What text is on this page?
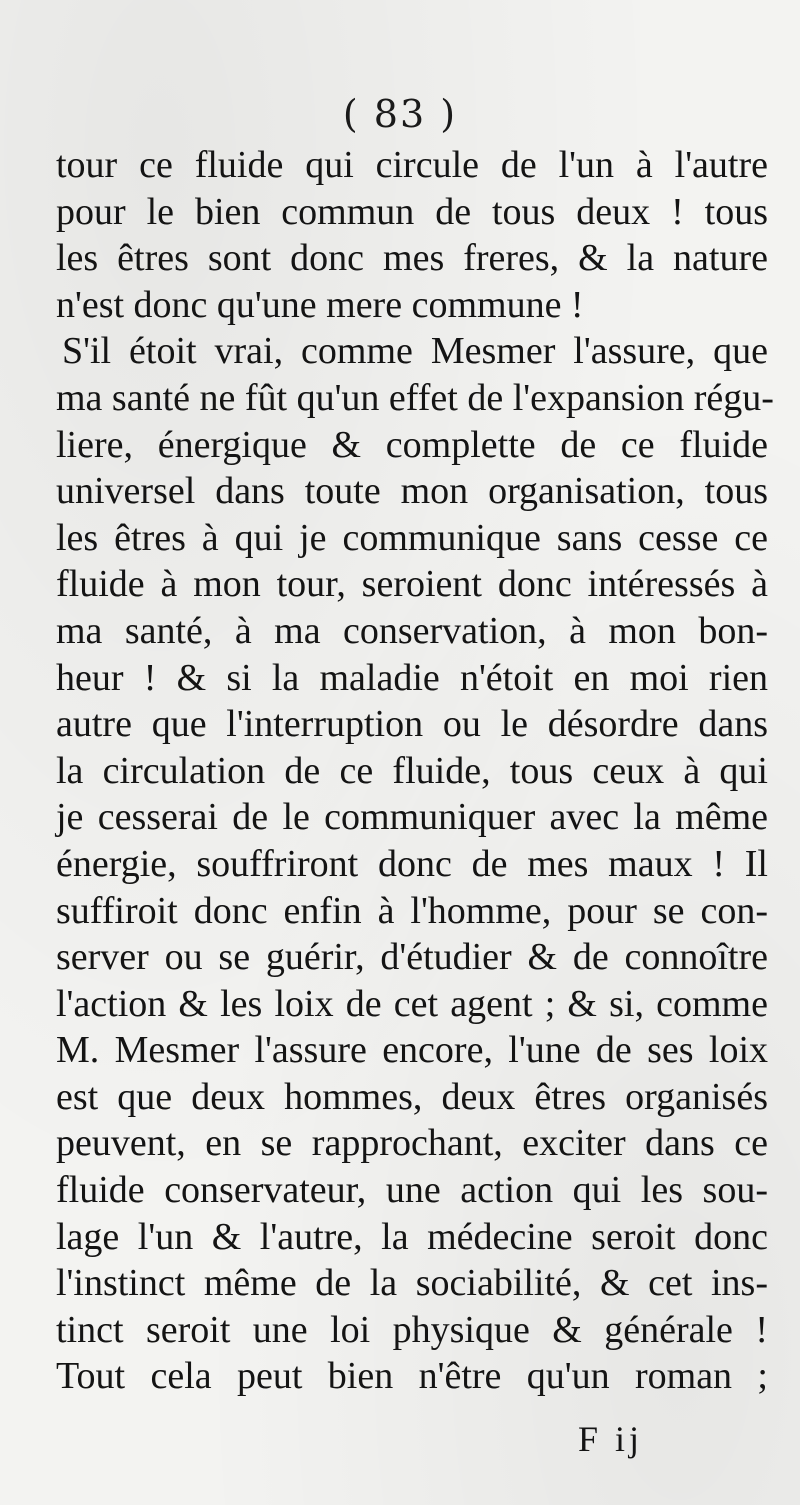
( 83 )
tour ce fluide qui circule de l'un à l'autre
pour le bien commun de tous deux ! tous
les êtres sont donc mes freres, & la nature
n'est donc qu'une mere commune !
S'il étoit vrai, comme Mesmer l'assure, que
ma santé ne fût qu'un effet de l'expansion régu-
liere, énergique & complette de ce fluide
universel dans toute mon organisation, tous
les êtres à qui je communique sans cesse ce
fluide à mon tour, seroient donc intéressés à
ma santé, à ma conservation, à mon bon-
heur ! & si la maladie n'étoit en moi rien
autre que l'interruption ou le désordre dans
la circulation de ce fluide, tous ceux à qui
je cesserai de le communiquer avec la même
énergie, souffriront donc de mes maux ! Il
suffiroit donc enfin à l'homme, pour se con-
server ou se guérir, d'étudier & de connoître
l'action & les loix de cet agent ; & si, comme
M. Mesmer l'assure encore, l'une de ses loix
est que deux hommes, deux êtres organisés
peuvent, en se rapprochant, exciter dans ce
fluide conservateur, une action qui les sou-
lage l'un & l'autre, la médecine seroit donc
l'instinct même de la sociabilité, & cet ins-
tinct seroit une loi physique & générale !
Tout cela peut bien n'être qu'un roman ;
F ij
